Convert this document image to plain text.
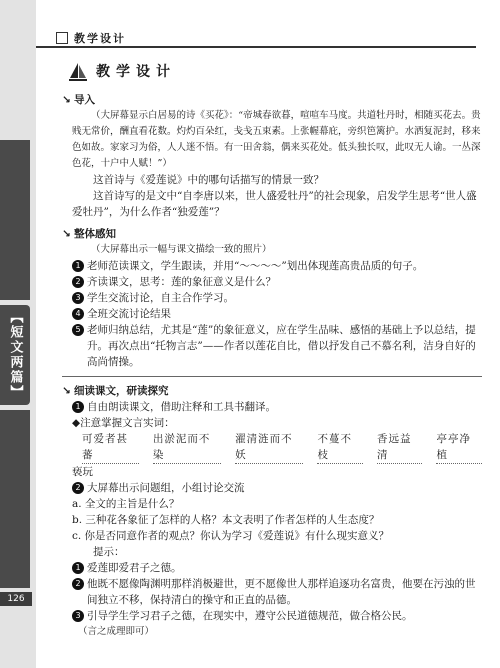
【短文两篇】
126
教学设计
教学设计
↘ 导入

（大屏幕显示白居易的诗《买花》：“帝城春欲暮，喧喧车马度。共道牡丹时，相随买花去。贵贱无常价，酬直看花数。灼灼百朵红，戋戋五束素。上张幄幕庇，旁织笆篱护。水洒复泥封，移来色如故。家家习为俗，人人迷不悟。有一田舍翁，偶来买花处。低头独长叹，此叹无人谕。一丛深色花，十户中人赋！”）

这首诗与《爱莲说》中的哪句话描写的情景一致？

这首诗写的是文中“自李唐以来，世人盛爱牡丹”的社会现象，启发学生思考“世人盛爱牡丹”，为什么作者“独爱莲”？

↘ 整体感知

（大屏幕出示一幅与课文描绘一致的照片）

1 老师范读课文，学生跟读，并用“～～～～”划出体现莲高贵品质的句子。
2 齐读课文，思考：莲的象征意义是什么？
3 学生交流讨论，自主合作学习。
4 全班交流讨论结果
5 老师归纳总结，尤其是“莲”的象征意义，应在学生品味、感悟的基础上予以总结，提升。再次点出“托物言志”——作者以莲花自比，借以抒发自己不慕名利，洁身自好的高尚情操。
↘ 细读课文，研读探究
1 自由朗读课文，借助注释和工具书翻译。

◆注意掌握文言实词：

可爱者甚蕃
出淤泥而不染
濯清涟而不妖
不蔓不枝
香远益清
亭亭净植

亵玩

2 大屏幕出示问题组，小组讨论交流

a. 全文的主旨是什么？

b. 三种花各象征了怎样的人格？本文表明了作者怎样的人生态度？

c. 你是否同意作者的观点？你认为学习《爱莲说》有什么现实意义？

提示：

1 爱莲即爱君子之德。
2 他既不愿像陶渊明那样消极避世，更不愿像世人那样追逐功名富贵，他要在污浊的世间独立不移，保持清白的操守和正直的品德。
3 引导学生学习君子之德，在现实中，遵守公民道德规范，做合格公民。

（言之成理即可）
